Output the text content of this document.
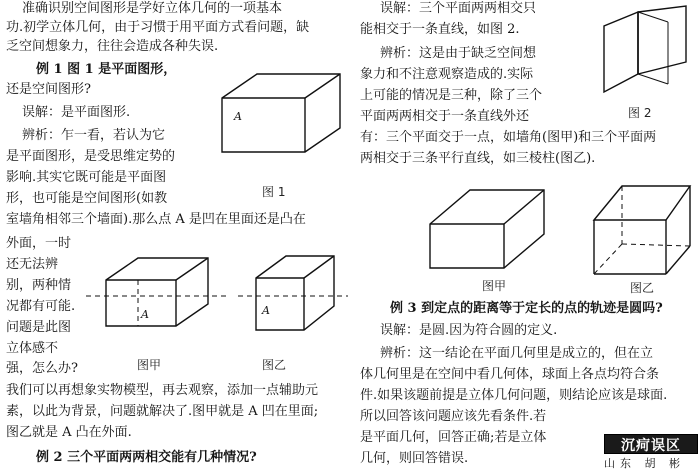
准确识别空间图形是学好立体几何的一项基本
功.初学立体几何，由于习惯于用平面方式看问题，缺
乏空间想象力，往往会造成各种失误.
例 1 图 1 是平面图形，
还是空间图形?
误解：是平面图形.
辨析：乍一看，若认为它
是平面图形，是受思维定势的
影响.其实它既可能是平面图
形，也可能是空间图形(如教
室墙角相邻三个墙面).那么点 A 是凹在里面还是凸在
外面，一时
还无法辨
别，两种情
况都有可能.
问题是此图
立体感不
强，怎么办?
我们可以再想象实物模型，再去观察，添加一点辅助元
素，以此为背景，问题就解决了.图甲就是 A 凹在里面;
图乙就是 A 凸在外面.
例 2 三个平面两两相交能有几种情况?
A
图 1
A
图甲
A
图乙
误解：三个平面两两相交只
能相交于一条直线，如图 2.
辨析：这是由于缺乏空间想
象力和不注意观察造成的.实际
上可能的情况是三种，除了三个
平面两两相交于一条直线外还
有：三个平面交于一点，如墙角(图甲)和三个平面两
两相交于三条平行直线，如三棱柱(图乙).
例 3 到定点的距离等于定长的点的轨迹是圆吗?
误解：是圆.因为符合圆的定义.
辨析：这一结论在平面几何里是成立的，但在立
体几何里是在空间中看几何体，球面上各点均符合条
件.如果该题前提是立体几何问题，则结论应该是球面.
所以回答该问题应该先看条件.若
是平面几何，回答正确;若是立体
几何，则回答错误.
图 2
图甲	图乙
沉疴误区
山东 胡 彬
